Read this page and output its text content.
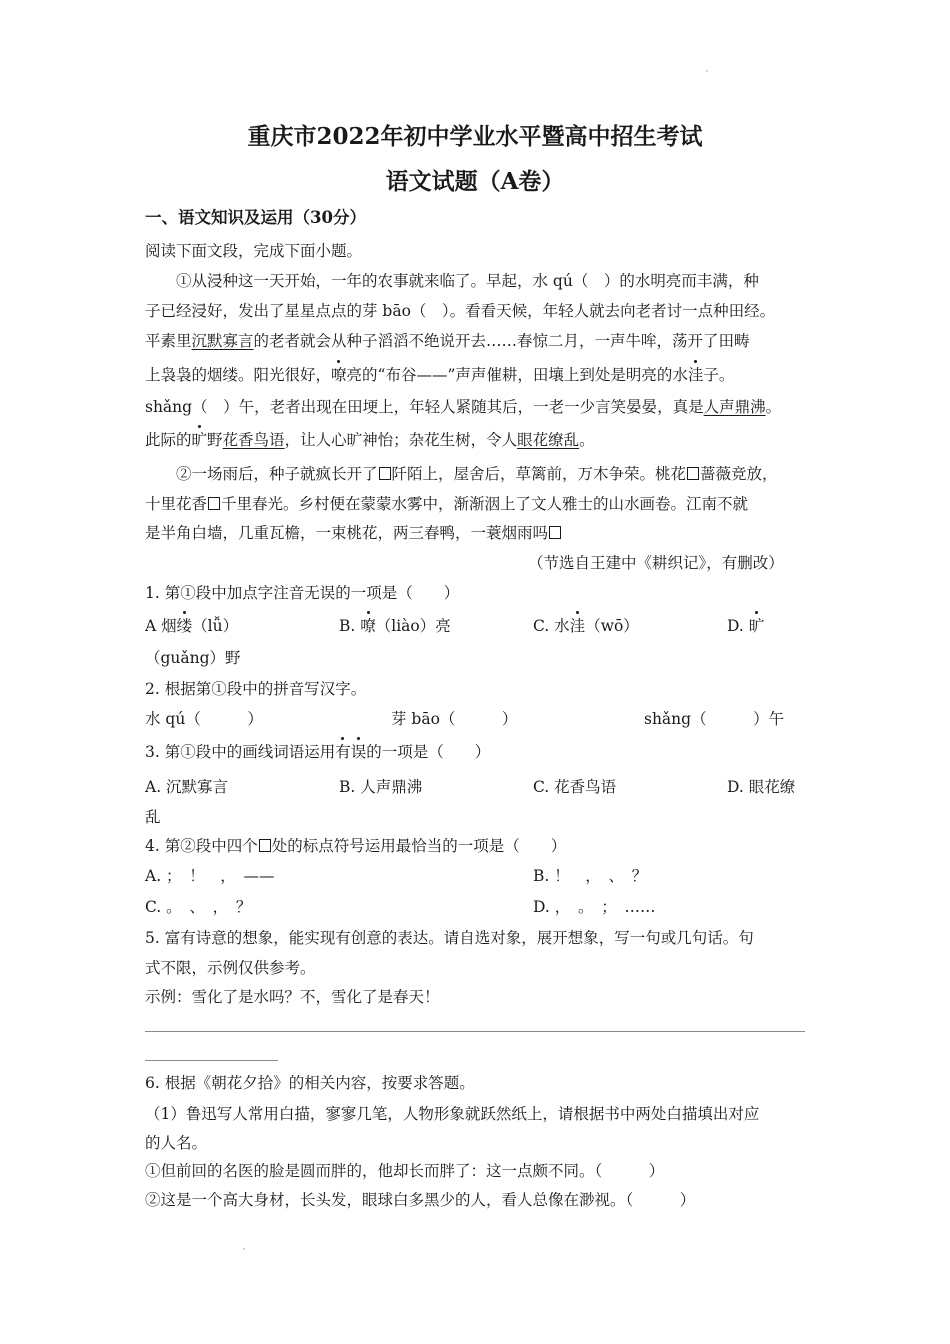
重庆市2022年初中学业水平暨高中招生考试
语文试题（A卷）
一、语文知识及运用（30分）
阅读下面文段，完成下面小题。
①从浸种这一天开始，一年的农事就来临了。早起，水 qú（　）的水明亮而丰满，种
子已经浸好，发出了星星点点的芽 bāo（　）。看看天候，年轻人就去向老者讨一点种田经。
平素里沉默寡言的老者就会从种子滔滔不绝说开去……春惊二月，一声牛哞，荡开了田畴
上袅袅的烟缕。阳光很好，嘹亮的“布谷——”声声催耕，田壤上到处是明亮的水洼子。
shǎng（　）午，老者出现在田埂上，年轻人紧随其后，一老一少言笑晏晏，真是人声鼎沸。
此际的旷野花香鸟语，让人心旷神怡；杂花生树，令人眼花缭乱。
②一场雨后，种子就疯长开了 阡陌上，屋舍后，草篱前，万木争荣。桃花 蔷薇竞放，
十里花香 千里春光。乡村便在蒙蒙水雾中，渐渐洇上了文人雅士的山水画卷。江南不就
是半角白墙，几重瓦檐，一束桃花，两三春鸭，一蓑烟雨吗
（节选自王建中《耕织记》，有删改）
1. 第①段中加点字注音无误的一项是（　　）
A 烟缕（lǚ）	B. 嘹（liào）亮	C. 水洼（wō）	D. 旷
（guǎng）野
2. 根据第①段中的拼音写汉字。
水 qú（　　　）	芽 bāo（　　　）	shǎng（　　　）午
3. 第①段中的画线词语运用有误的一项是（　　）
A. 沉默寡言	B. 人声鼎沸	C. 花香鸟语	D. 眼花缭
乱
4. 第②段中四个 处的标点符号运用最恰当的一项是（　　）
A. ；　！　，　——	B. ！　，　、　？
C. 。　、　，　？	D. ，　。　；　……
5. 富有诗意的想象，能实现有创意的表达。请自选对象，展开想象，写一句或几句话。句
式不限，示例仅供参考。
示例：雪化了是水吗？不，雪化了是春天！
6. 根据《朝花夕拾》的相关内容，按要求答题。
（1）鲁迅写人常用白描，寥寥几笔，人物形象就跃然纸上，请根据书中两处白描填出对应
的人名。
①但前回的名医的脸是圆而胖的，他却长而胖了：这一点颇不同。（　　　）
②这是一个高大身材，长头发，眼球白多黑少的人，看人总像在渺视。（　　　）
